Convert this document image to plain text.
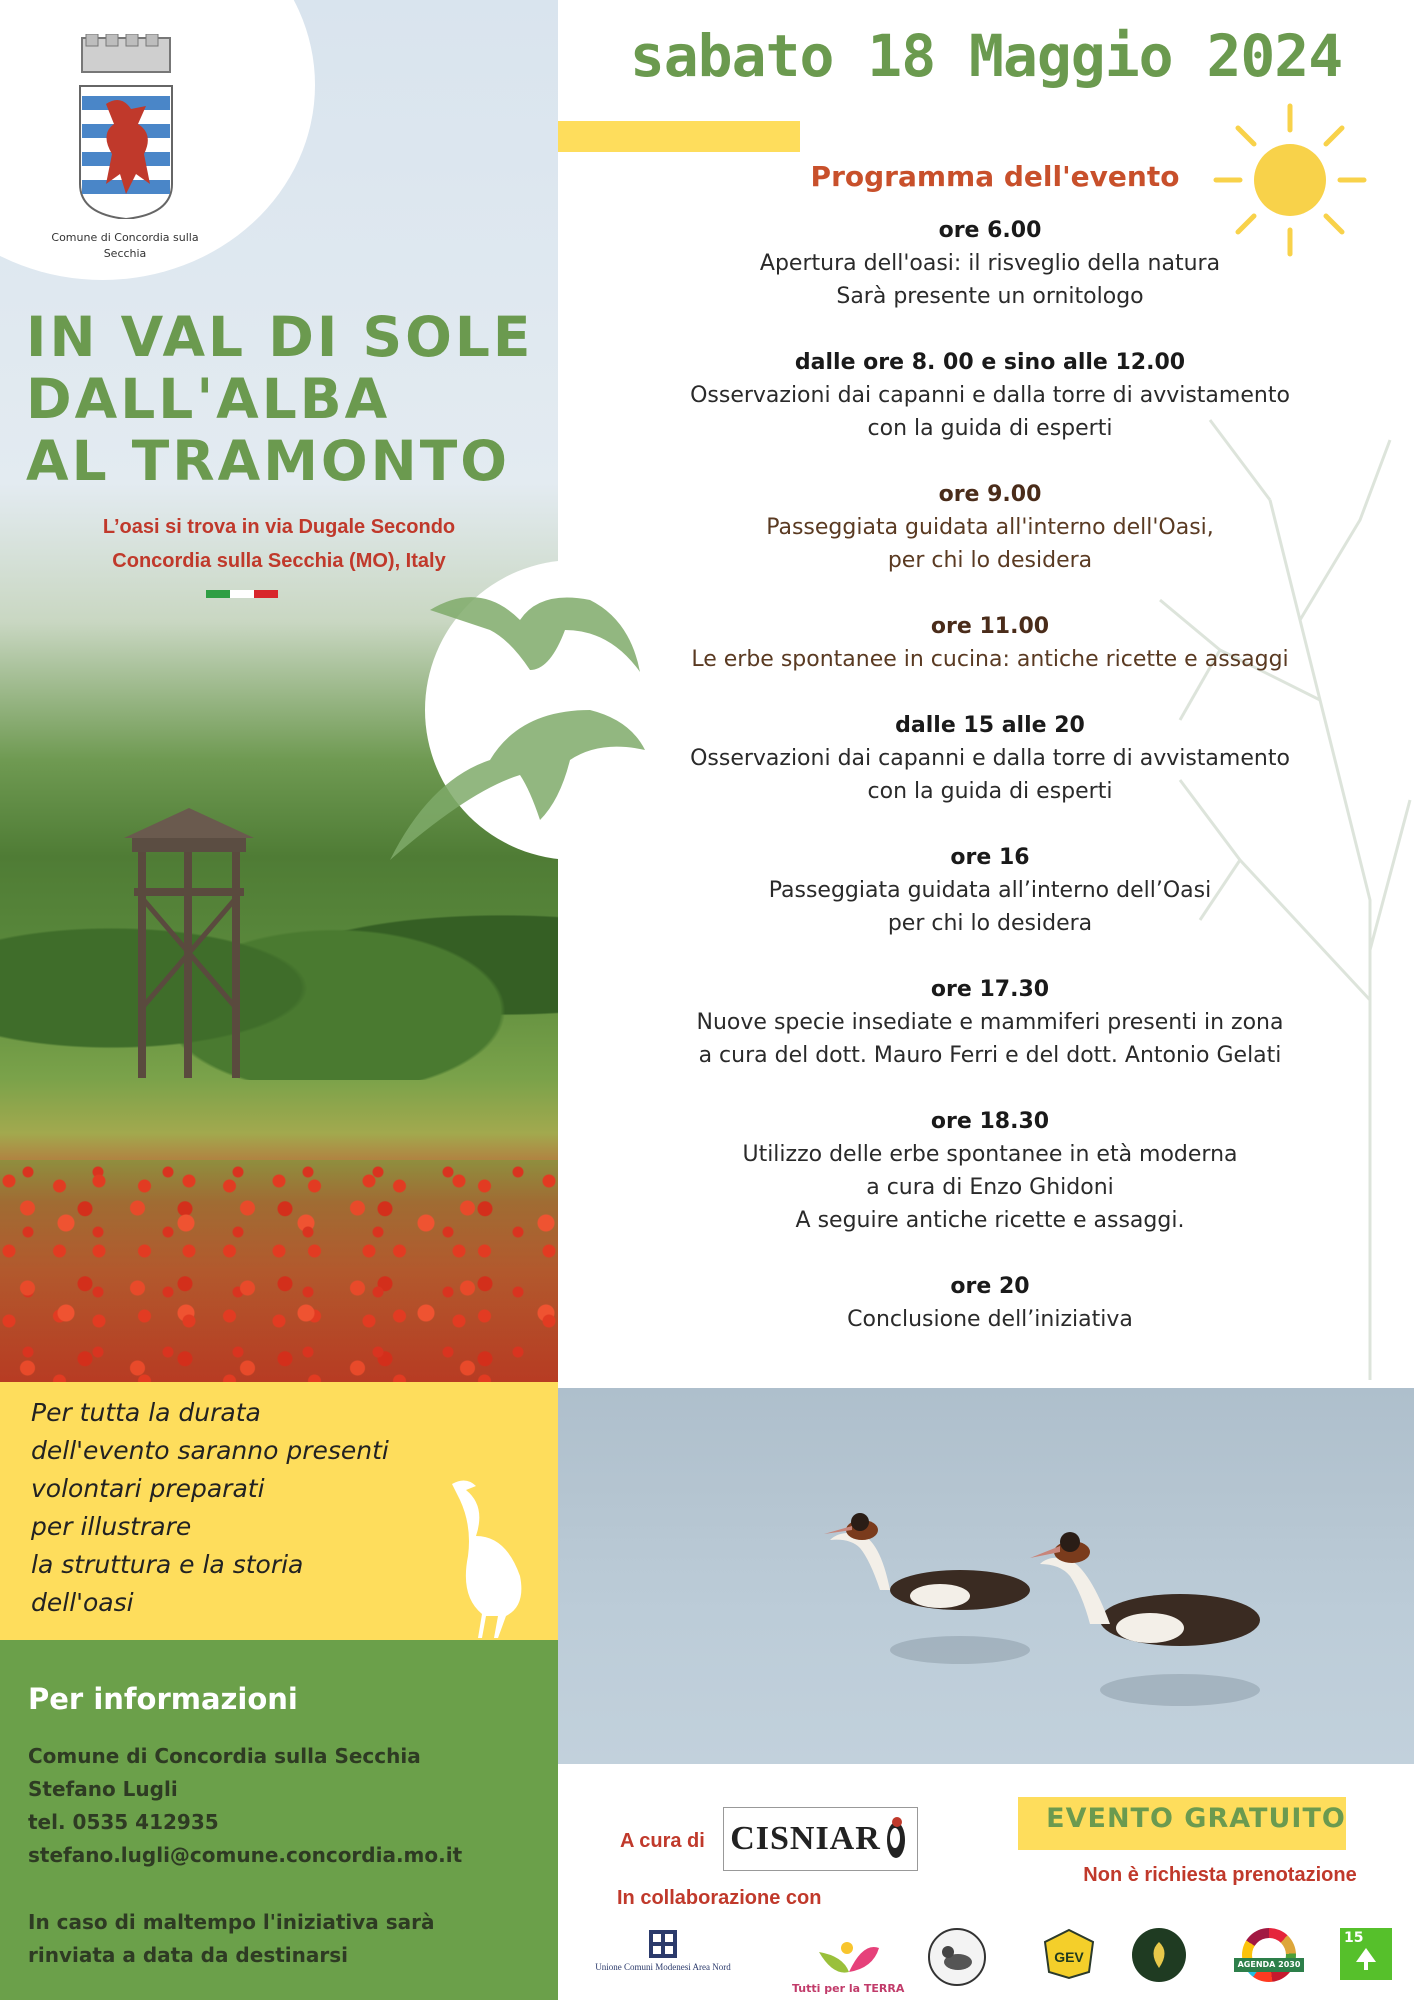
Comune di Concordia sulla Secchia
IN VAL DI SOLE
DALL'ALBA
AL TRAMONTO
L’oasi si trova in via Dugale Secondo
Concordia sulla Secchia (MO), Italy
Per tutta la durata
dell'evento saranno presenti
volontari preparati
per illustrare
la struttura e la storia
dell'oasi
Per informazioni
Comune di Concordia sulla Secchia
Stefano Lugli
tel. 0535 412935
stefano.lugli@comune.concordia.mo.it
In caso di maltempo l'iniziativa sarà
rinviata a data da destinarsi
sabato 18 Maggio 2024
Programma dell'evento
ore 6.00
Apertura dell'oasi: il risveglio della natura
Sarà presente un ornitologo
dalle ore 8. 00 e sino alle 12.00
Osservazioni dai capanni e dalla torre di avvistamento
con la guida di esperti
ore 9.00
Passeggiata guidata all'interno dell'Oasi,
per chi lo desidera
ore 11.00
Le erbe spontanee in cucina: antiche ricette e assaggi
dalle 15 alle 20
Osservazioni dai capanni e dalla torre di avvistamento
con la guida di esperti
ore 16
Passeggiata guidata all’interno dell’Oasi
per chi lo desidera
ore 17.30
Nuove specie insediate e mammiferi presenti in zona
a cura del dott. Mauro Ferri e del dott. Antonio Gelati
ore 18.30
Utilizzo delle erbe spontanee in età moderna
a cura di Enzo Ghidoni
A seguire antiche ricette e assaggi.
ore 20
Conclusione dell’iniziativa
A cura di CISNIAR
In collaborazione con
EVENTO GRATUITO
Non è richiesta prenotazione
Unione Comuni Modenesi Area Nord
Tutti per la TERRA
GEV	AGENDA 2030
15
